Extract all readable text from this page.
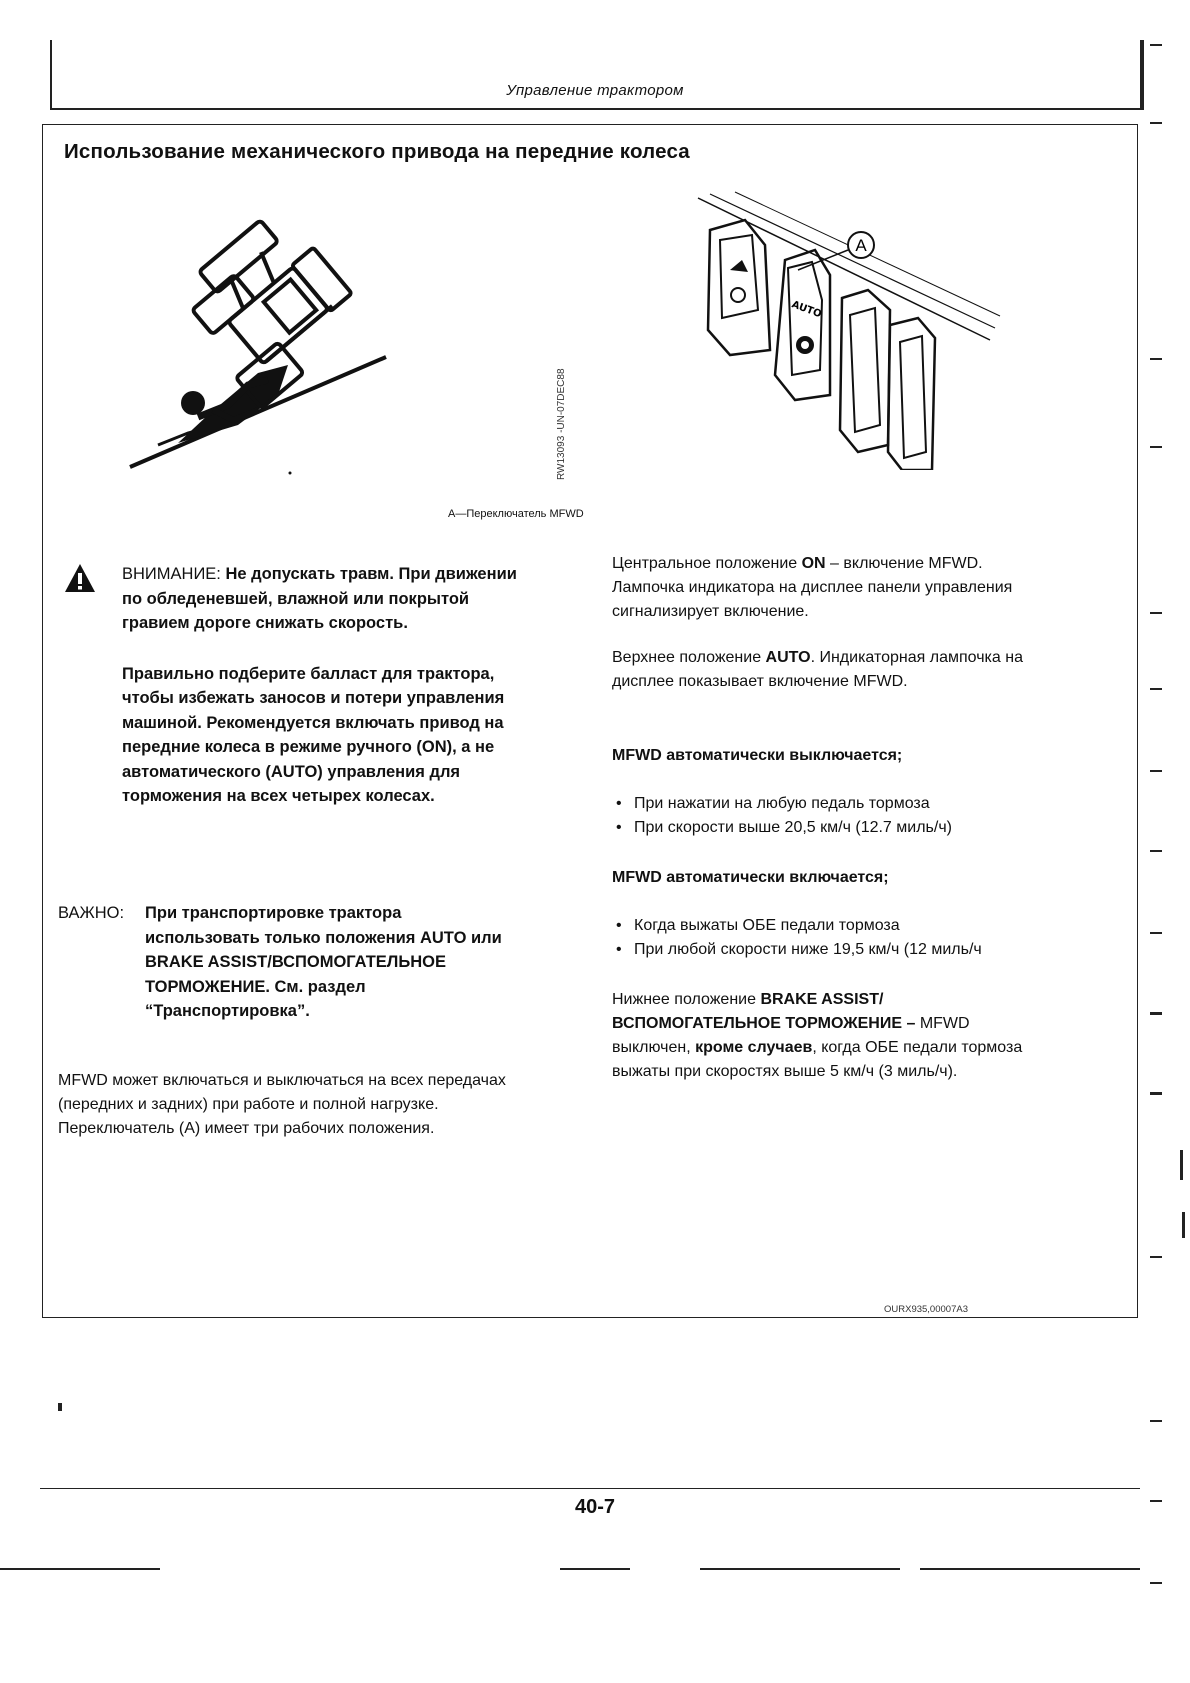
Управление трактором
Использование механического привода на передние колеса
RW13093 -UN-07DEC88
AUTO
A
A—Переключатель MFWD

ВНИМАНИЕ: Не допускать травм. При движении по обледеневшей, влажной или покрытой гравием дороге снижать скорость.

Правильно подберите балласт для трактора, чтобы избежать заносов и потери управления машиной. Рекомендуется включать привод на передние колеса в режиме ручного (ON), а не автоматического (AUTO) управления для торможения на всех четырех колесах.

ВАЖНО: При транспортировке трактора использовать только положения AUTO или BRAKE ASSIST/ВСПОМОГАТЕЛЬНОЕ ТОРМОЖЕНИЕ. См. раздел “Транспортировка”.
MFWD может включаться и выключаться на всех передачах (передних и задних) при работе и полной нагрузке. Переключатель (A) имеет три рабочих положения.
Центральное положение ON – включение MFWD. Лампочка индикатора на дисплее панели управления сигнализирует включение.
Верхнее положение AUTO. Индикаторная лампочка на дисплее показывает включение MFWD.
MFWD автоматически выключается;
• При нажатии на любую педаль тормоза
• При скорости выше 20,5 км/ч (12.7 миль/ч)
MFWD автоматически включается;
• Когда выжаты ОБЕ педали тормоза
• При любой скорости ниже 19,5 км/ч (12 миль/ч
Нижнее положение BRAKE ASSIST/ВСПОМОГАТЕЛЬНОЕ ТОРМОЖЕНИЕ – MFWD выключен, кроме случаев, когда ОБЕ педали тормоза выжаты при скоростях выше 5 км/ч (3 миль/ч).
OURX935,00007A3
40-7
